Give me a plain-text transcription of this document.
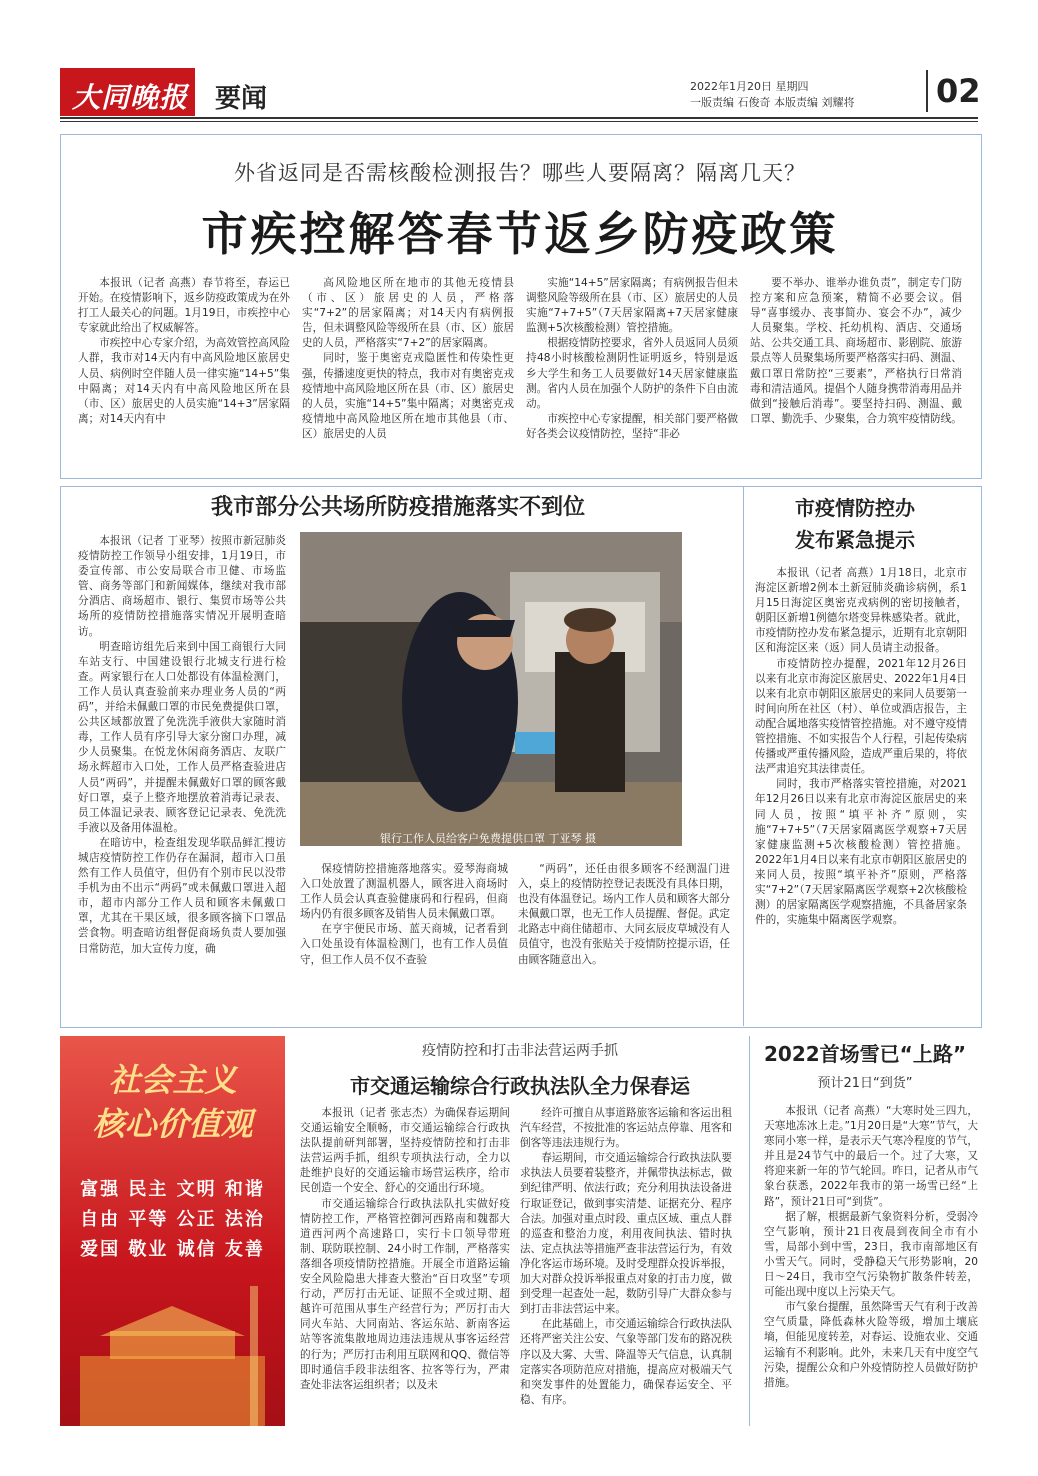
大同晚报 要闻	2022年1月20日 星期四
一版责编 石俊奇 本版责编 刘耀将	02
外省返同是否需核酸检测报告？哪些人要隔离？隔离几天？
市疾控解答春节返乡防疫政策

本报讯（记者 高燕）春节将至，春运已开始。在疫情影响下，返乡防疫政策成为在外打工人最关心的问题。1月19日，市疾控中心专家就此给出了权威解答。

市疾控中心专家介绍，为高效管控高风险人群，我市对14天内有中高风险地区旅居史人员、病例时空伴随人员一律实施“14+5”集中隔离；对14天内有中高风险地区所在县（市、区）旅居史的人员实施“14+3”居家隔离；对14天内有中

高风险地区所在地市的其他无疫情县（市、区）旅居史的人员，严格落实“7+2”的居家隔离；对14天内有病例报告，但未调整风险等级所在县（市、区）旅居史的人员，严格落实“7+2”的居家隔离。

同时，鉴于奥密克戎隐匿性和传染性更强，传播速度更快的特点，我市对有奥密克戎疫情地中高风险地区所在县（市、区）旅居史的人员，实施“14+5”集中隔离；对奥密克戎疫情地中高风险地区所在地市其他县（市、区）旅居史的人员

实施“14+5”居家隔离；有病例报告但未调整风险等级所在县（市、区）旅居史的人员实施“7+7+5”（7天居家隔离+7天居家健康监测+5次核酸检测）管控措施。

根据疫情防控要求，省外人员返同人员须持48小时核酸检测阴性证明返乡，特别是返乡大学生和务工人员要做好14天居家健康监测。省内人员在加强个人防护的条件下自由流动。

市疾控中心专家提醒，相关部门要严格做好各类会议疫情防控，坚持“非必

要不举办、谁举办谁负责”，制定专门防控方案和应急预案，精简不必要会议。倡导“喜事缓办、丧事简办、宴会不办”，减少人员聚集。学校、托幼机构、酒店、交通场站、公共交通工具、商场超市、影剧院、旅游景点等人员聚集场所要严格落实扫码、测温、戴口罩日常防控“三要素”，严格执行日常消毒和清洁通风。提倡个人随身携带消毒用品并做到“接触后消毒”。要坚持扫码、测温、戴口罩、勤洗手、少聚集，合力筑牢疫情防线。

我市部分公共场所防疫措施落实不到位

本报讯（记者 丁亚琴）按照市新冠肺炎疫情防控工作领导小组安排，1月19日，市委宣传部、市公安局联合市卫健、市场监管、商务等部门和新闻媒体，继续对我市部分酒店、商场超市、银行、集贸市场等公共场所的疫情防控措施落实情况开展明查暗访。

明查暗访组先后来到中国工商银行大同车站支行、中国建设银行北城支行进行检查。两家银行在人口处都设有体温检测门，工作人员认真查验前来办理业务人员的“两码”，并给未佩戴口罩的市民免费提供口罩，公共区域都放置了免洗洗手液供大家随时消毒，工作人员有序引导大家分窗口办理，减少人员聚集。在悦龙休闲商务酒店、友联广场永辉超市入口处，工作人员严格查验进店人员“两码”，并提醒未佩戴好口罩的顾客戴好口罩，桌子上整齐地摆放着消毒记录表、员工体温记录表、顾客登记记录表、免洗洗手液以及备用体温枪。

在暗访中，检查组发现华联品鲜汇搜访城店疫情防控工作仍存在漏洞，超市入口虽然有工作人员值守，但仍有个别市民以没带手机为由不出示“两码”或未佩戴口罩进入超市，超市内部分工作人员和顾客未佩戴口罩，尤其在干果区域，很多顾客摘下口罩品尝食物。明查暗访组督促商场负责人要加强日常防范，加大宣传力度，确

银行工作人员给客户免费提供口罩 丁亚琴 摄

保疫情防控措施落地落实。爱琴海商城入口处放置了测温机器人，顾客进入商场时工作人员会认真查验健康码和行程码，但商场内仍有很多顾客及销售人员未佩戴口罩。

在亨宇便民市场、蓝天商城，记者看到入口处虽设有体温检测门，也有工作人员值守，但工作人员不仅不查验

“两码”，还任由很多顾客不经测温门进入，桌上的疫情防控登记表既没有具体日期，也没有体温登记。场内工作人员和顾客大部分未佩戴口罩，也无工作人员提醒、督促。武定北路志中商住储超市、大同玄辰皮草城没有人员值守，也没有张贴关于疫情防控提示语，任由顾客随意出入。

市疫情防控办
发布紧急提示

本报讯（记者 高燕）1月18日，北京市海淀区新增2例本土新冠肺炎确诊病例，系1月15日海淀区奥密克戎病例的密切接触者，朝阳区新增1例德尔塔变异株感染者。就此，市疫情防控办发布紧急提示，近期有北京朝阳区和海淀区来（返）同人员请主动报备。

市疫情防控办提醒，2021年12月26日以来有北京市海淀区旅居史、2022年1月4日以来有北京市朝阳区旅居史的来同人员要第一时间向所在社区（村）、单位或酒店报告，主动配合属地落实疫情管控措施。对不遵守疫情管控措施、不如实报告个人行程，引起传染病传播或严重传播风险，造成严重后果的，将依法严肃追究其法律责任。

同时，我市严格落实管控措施，对2021年12月26日以来有北京市海淀区旅居史的来同人员，按照“填平补齐”原则，实施“7+7+5”（7天居家隔离医学观察+7天居家健康监测+5次核酸检测）管控措施。2022年1月4日以来有北京市朝阳区旅居史的来同人员，按照“填平补齐”原则，严格落实“7+2”（7天居家隔离医学观察+2次核酸检测）的居家隔离医学观察措施，不具备居家条件的，实施集中隔离医学观察。

社会主义
核心价值观
富强 民主 文明 和谐
自由 平等 公正 法治
爱国 敬业 诚信 友善
疫情防控和打击非法营运两手抓
市交通运输综合行政执法队全力保春运

本报讯（记者 张志杰）为确保春运期间交通运输安全顺畅，市交通运输综合行政执法队提前研判部署，坚持疫情防控和打击非法营运两手抓，组织专项执法行动，全力以赴维护良好的交通运输市场营运秩序，给市民创造一个安全、舒心的交通出行环境。

市交通运输综合行政执法队扎实做好疫情防控工作，严格管控御河西路南和魏都大道西河两个高速路口，实行卡口领导带班制、联防联控制、24小时工作制，严格落实落细各项疫情防控措施。开展全市道路运输安全风险隐患大排查大整治“百日攻坚”专项行动，严厉打击无证、证照不全或过期、超越许可范围从事生产经营行为；严厉打击大同火车站、大同南站、客运东站、新南客运站等客流集散地周边违法违规从事客运经营的行为；严厉打击利用互联网和QQ、微信等即时通信手段非法组客、拉客等行为，严肃查处非法客运组织者；以及未

经许可擅自从事道路旅客运输和客运出租汽车经营，不按批准的客运站点停靠、甩客和倒客等违法违规行为。

春运期间，市交通运输综合行政执法队要求执法人员要着装整齐，并佩带执法标志，做到纪律严明、依法行政；充分利用执法设备进行取证登记，做到事实清楚、证据充分、程序合法。加强对重点时段、重点区域、重点人群的巡查和整治力度，利用夜间执法、错时执法、定点执法等措施严查非法营运行为，有效净化客运市场环境。及时受理群众投诉举报，加大对群众投诉举报重点对象的打击力度，做到受理一起查处一起，数防引导广大群众参与到打击非法营运中来。

在此基础上，市交通运输综合行政执法队还将严密关注公安、气象等部门发布的路况秩序以及大雾、大雪、降温等天气信息，认真制定落实各项防范应对措施，提高应对极端天气和突发事件的处置能力，确保春运安全、平稳、有序。

2022首场雪已“上路”
预计21日“到货”

本报讯（记者 高燕）“大寒时处三四九，天寒地冻冰上走。”1月20日是“大寒”节气，大寒同小寒一样，是表示天气寒冷程度的节气，并且是24节气中的最后一个。过了大寒，又将迎来新一年的节气轮回。昨日，记者从市气象台获悉，2022年我市的第一场雪已经“上路”，预计21日可“到货”。

据了解，根据最新气象资料分析，受弱冷空气影响，预计21日夜晨到夜间全市有小雪，局部小到中雪，23日，我市南部地区有小雪天气。同时，受静稳天气形势影响，20日～24日，我市空气污染物扩散条件转差，可能出现中度以上污染天气。

市气象台提醒，虽然降雪天气有利于改善空气质量，降低森林火险等级，增加土壤底墒，但能见度转差，对春运、设施农业、交通运输有不利影响。此外，未来几天有中度空气污染，提醒公众和户外疫情防控人员做好防护措施。
